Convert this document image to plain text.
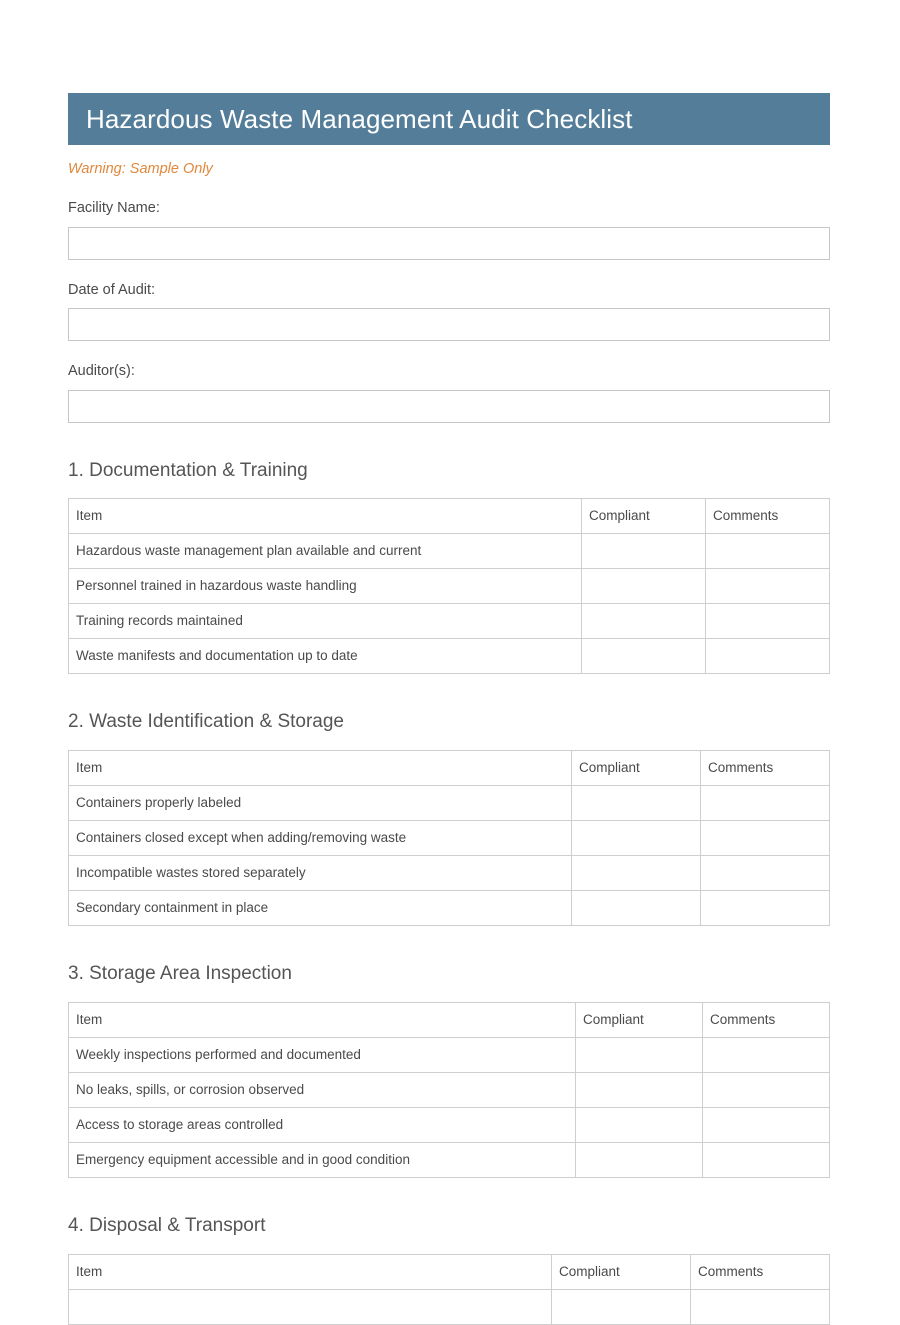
Hazardous Waste Management Audit Checklist

Warning: Sample Only

Facility Name:
Date of Audit:
Auditor(s):
1. Documentation & Training
Item	Compliant	Comments
Hazardous waste management plan available and current		
Personnel trained in hazardous waste handling		
Training records maintained		
Waste manifests and documentation up to date		
2. Waste Identification & Storage
Item	Compliant	Comments
Containers properly labeled		
Containers closed except when adding/removing waste		
Incompatible wastes stored separately		
Secondary containment in place		
3. Storage Area Inspection
Item	Compliant	Comments
Weekly inspections performed and documented		
No leaks, spills, or corrosion observed		
Access to storage areas controlled		
Emergency equipment accessible and in good condition		
4. Disposal & Transport
Item	Compliant	Comments
